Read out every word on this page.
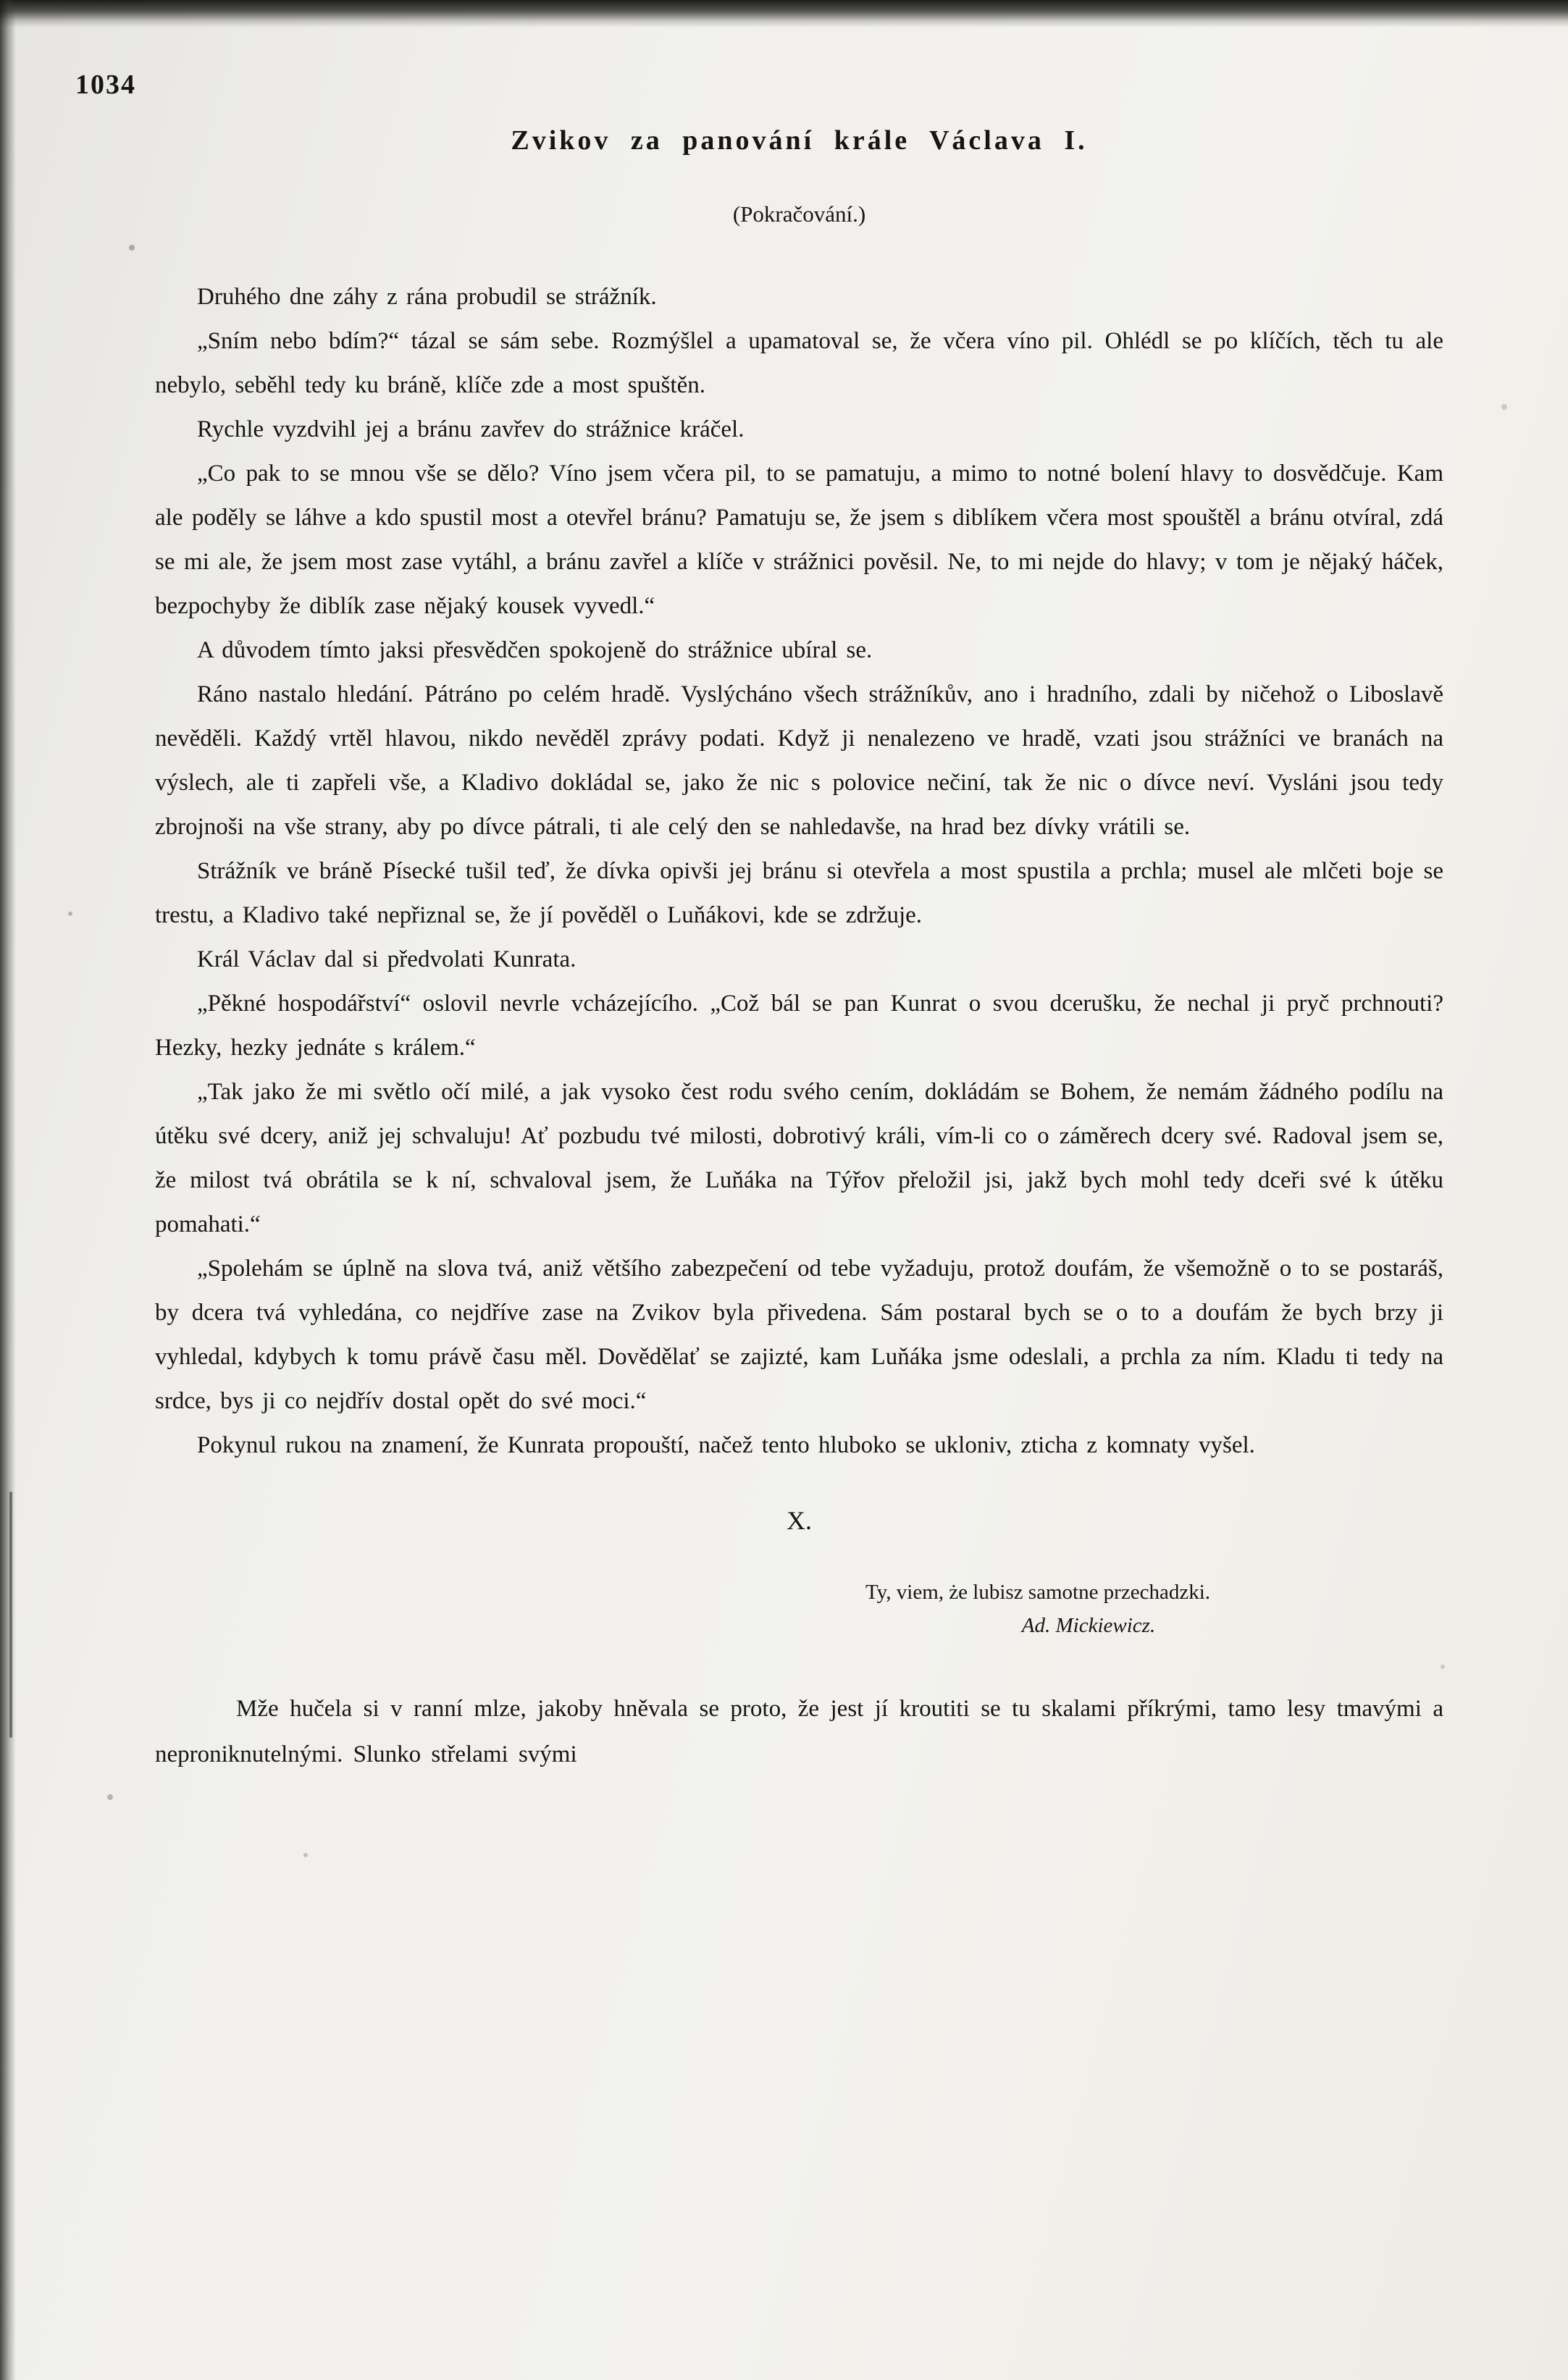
1034
Zvikov za panování krále Václava I.
(Pokračování.)

Druhého dne záhy z rána probudil se strážník.

„Sním nebo bdím?“ tázal se sám sebe. Rozmýšlel a upamatoval se, že včera víno pil. Ohlédl se po klíčích, těch tu ale nebylo, seběhl tedy ku bráně, klíče zde a most spuštěn.

Rychle vyzdvihl jej a bránu zavřev do strážnice kráčel.

„Co pak to se mnou vše se dělo? Víno jsem včera pil, to se pamatuju, a mimo to notné bolení hlavy to dosvědčuje. Kam ale poděly se láhve a kdo spustil most a otevřel bránu? Pamatuju se, že jsem s diblíkem včera most spouštěl a bránu otvíral, zdá se mi ale, že jsem most zase vytáhl, a bránu zavřel a klíče v strážnici pověsil. Ne, to mi nejde do hlavy; v tom je nějaký háček, bezpochyby že diblík zase nějaký kousek vyvedl.“

A důvodem tímto jaksi přesvědčen spokojeně do strážnice ubíral se.

Ráno nastalo hledání. Pátráno po celém hradě. Vyslýcháno všech strážníkův, ano i hradního, zdali by ničehož o Liboslavě nevěděli. Každý vrtěl hlavou, nikdo nevěděl zprávy podati. Když ji nenalezeno ve hradě, vzati jsou strážníci ve branách na výslech, ale ti zapřeli vše, a Kladivo dokládal se, jako že nic s polovice nečiní, tak že nic o dívce neví. Vysláni jsou tedy zbrojnoši na vše strany, aby po dívce pátrali, ti ale celý den se nahledavše, na hrad bez dívky vrátili se.

Strážník ve bráně Písecké tušil teď, že dívka opivši jej bránu si otevřela a most spustila a prchla; musel ale mlčeti boje se trestu, a Kladivo také nepřiznal se, že jí pověděl o Luňákovi, kde se zdržuje.

Král Václav dal si předvolati Kunrata.

„Pěkné hospodářství“ oslovil nevrle vcházejícího. „Což bál se pan Kunrat o svou dcerušku, že nechal ji pryč prchnouti? Hezky, hezky jednáte s králem.“

„Tak jako že mi světlo očí milé, a jak vysoko čest rodu svého cením, dokládám se Bohem, že nemám žádného podílu na útěku své dcery, aniž jej schvaluju! Ať pozbudu tvé milosti, dobrotivý králi, vím-li co o záměrech dcery své. Radoval jsem se, že milost tvá obrátila se k ní, schvaloval jsem, že Luňáka na Týřov přeložil jsi, jakž bych mohl tedy dceři své k útěku pomahati.“

„Spolehám se úplně na slova tvá, aniž většího zabezpečení od tebe vyžaduju, protož doufám, že všemožně o to se postaráš, by dcera tvá vyhledána, co nejdříve zase na Zvikov byla přivedena. Sám postaral bych se o to a doufám že bych brzy ji vyhledal, kdybych k tomu právě času měl. Dovědělať se zajizté, kam Luňáka jsme odeslali, a prchla za ním. Kladu ti tedy na srdce, bys ji co nejdřív dostal opět do své moci.“

Pokynul rukou na znamení, že Kunrata propouští, načež tento hluboko se ukloniv, zticha z komnaty vyšel.

X.
Ty, viem, że lubisz samotne przechadzki.
Ad. Mickiewicz.

Mže hučela si v ranní mlze, jakoby hněvala se proto, že jest jí kroutiti se tu skalami příkrými, tamo lesy tmavými a neproniknutelnými. Slunko střelami svými
